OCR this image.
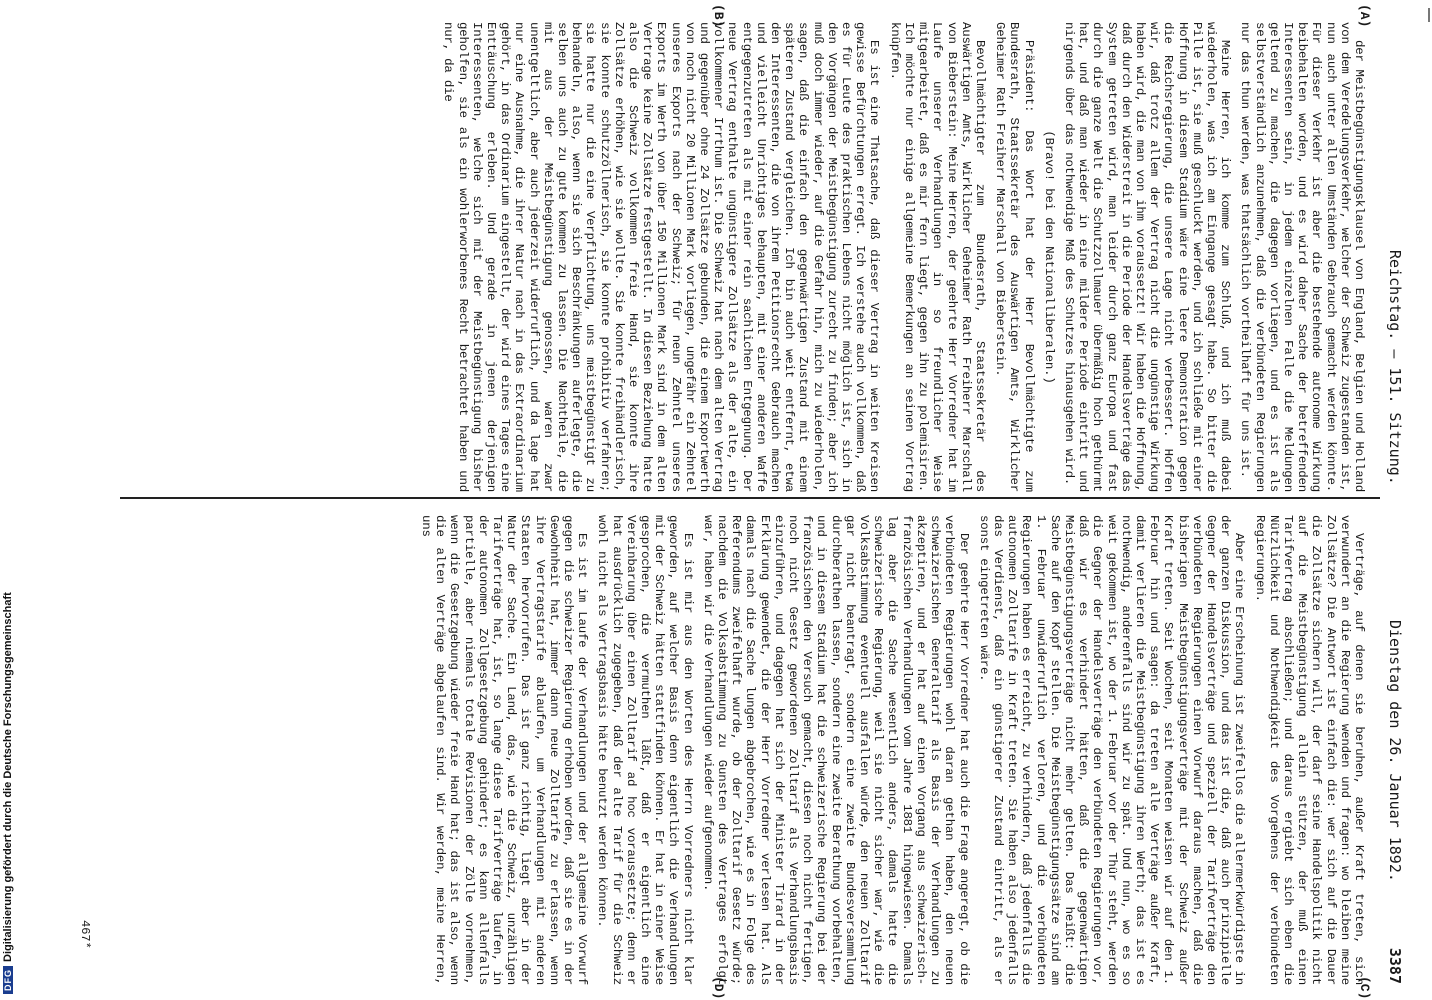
Reichstag. — 151. Sitzung.
Dienstag den 26. Januar 1892.
3387
(A)
(B)
(C)
(D)

der Meistbegünstigungsklausel von England, Belgien und Holland von dem Veredelungsverkehr, welcher der Schweiz zugestanden ist, nun auch unter allen Umständen Gebrauch gemacht werden könnte. Für dieser Verkehr ist aber die bestehende autonome Wirkung beibehalten worden, und es wird daher Sache der betreffenden Interessenten sein, in jedem einzelnen Falle die Meldungen geltend zu machen, die dagegen vorliegen, und es ist als selbstverständlich anzunehmen, daß die verbündeten Regierungen nur das thun werden, was thatsächlich vortheilhaft für uns ist.

Meine Herren, ich komme zum Schluß, und ich muß dabei wiederholen, was ich am Eingange gesagt habe. So bitter die Pille ist, sie muß geschluckt werden, und ich schließe mit einer Hoffnung in diesem Stadium wäre eine leere Demonstration gegen die Reichsregierung, die unsere Lage nicht verbessert. Hoffen wir, daß trotz allem der Vertrag nicht die ungünstige Wirkung haben wird, die man von ihm voraussetzt! Wir haben die Hoffnung, daß durch den Widerstreit in die Periode der Handelsverträge das System getreten wird, man leider durch ganz Europa und fast durch die ganze Welt die Schutzzollmauer übermäßig hoch gethürmt hat, und daß man wieder in eine mildere Periode eintritt und nirgends über das nothwendige Maß des Schutzes hinausgehen wird.

(Bravo! bei den Nationalliberalen.)

Präsident: Das Wort hat der Herr Bevollmächtigte zum Bundesrath, Staatssekretär des Auswärtigen Amts, Wirklicher Geheimer Rath Freiherr Marschall von Bieberstein.

Bevollmächtigter zum Bundesrath, Staatssekretär des Auswärtigen Amts, Wirklicher Geheimer Rath Freiherr Marschall von Bieberstein: Meine Herren, der geehrte Herr Vorredner hat im Laufe unserer Verhandlungen in so freundlicher Weise mitgearbeitet, daß es mir fern liegt, gegen ihn zu polemisiren. Ich möchte nur einige allgemeine Bemerkungen an seinen Vortrag knüpfen.

Es ist eine Thatsache, daß dieser Vertrag in weiten Kreisen gewisse Befürchtungen erregt. Ich verstehe auch vollkommen, daß es für Leute des praktischen Lebens nicht möglich ist, sich in den Vorgängen der Meistbegünstigung zurecht zu finden; aber ich muß doch immer wieder, auf die Gefahr hin, mich zu wiederholen, sagen, daß die einfach den gegenwärtigen Zustand mit einem späteren Zustand vergleichen. Ich bin auch weit entfernt, etwa den Interessenten, die von ihrem Petitionsrecht Gebrauch machen und vielleicht Unrichtiges behaupten, mit einer anderen Waffe entgegenzutreten als mit einer rein sachlichen Entgegnung. Der neue Vertrag enthalte ungünstigere Zollsätze als der alte, ein vollkommener Irrthum ist. Die Schweiz hat nach dem alten Vertrag und gegenüber ohne 24 Zollsätze gebunden, die einem Exportwerth von noch nicht 20 Millionen Mark vorliegen, ungefähr ein Zehntel unseres Exports nach der Schweiz; für neun Zehntel unseres Exports im Werth von über 150 Millionen Mark sind in dem alten Vertrage keine Zollsätze festgestellt. In diesen Beziehung hatte also die Schweiz vollkommen freie Hand, sie konnte ihre Zollsätze erhöhen, wie sie wollte. Sie konnte freihändlerisch, sie konnte schutzzöllnerisch, sie konnte prohibitiv verfahren; sie hatte nur die eine Verpflichtung, uns meistbegünstigt zu behandeln, also, wenn sie sich Beschränkungen auferlegte, die selben uns auch zu gute kommen zu lassen. Die Nachtheile, die mit aus der Meistbegünstigung genossen, waren zwar unentgeltlich, aber auch jederzeit widerruflich, und da lage hat nur eine Ausnahme, die ihrer Natur nach in das Extraordinarium gehört, in das Ordinarium eingestellt, der wird eines Tages eine Enttäuschung erleben. Und gerade in jenen derjenigen Interessenten, welche sich mit der Meistbegünstigung bisher geholfen, sie als ein wohlerworbenes Recht betrachtet haben und nur, da die

Verträge, auf denen sie beruhen, außer Kraft treten, sich verwundert an die Regierung wenden und fragen: wo bleiben meine Zollsätze? Die Antwort ist einfach die: wer sich auf die Dauer die Zollsätze sichern will, der darf seine Handelspolitik nicht auf die Meistbegünstigung allein stützen, der muß einen Tarifvertrag abschließen; und daraus ergiebt sich eben die Nützlichkeit und Nothwendigkeit des Vorgehens der verbündeten Regierungen.

Aber eine Erscheinung ist zweifellos die allermerkwürdigste in der ganzen Diskussion, und das ist die, daß auch prinzipielle Gegner der Handelsverträge und speziell der Tarifverträge den verbündeten Regierungen einen Vorwurf daraus machen, daß die bisherigen Meistbegünstigungsverträge mit der Schweiz außer Kraft treten. Seit Wochen, seit Monaten weisen wir auf den 1. Februar hin und sagen: da treten alle Verträge außer Kraft, damit verlieren die Meistbegünstigung ihren Werth; das ist es nothwendig, anderenfalls sind wir zu spät. Und nun, wo es so weit gekommen ist, wo der 1. Februar vor der Thür steht, werden die Gegner der Handelsverträge den verbündeten Regierungen vor, daß wir es verhindert hätten, daß die gegenwärtigen Meistbegünstigungsverträge nicht mehr gelten. Das heißt: die Sache auf den Kopf stellen. Die Meistbegünstigungssätze sind am 1. Februar unwiderruflich verloren, und die verbündeten Regierungen haben es erreicht, zu verhindern, daß jedenfalls die autonomen Zolltarife in Kraft treten. Sie haben also jedenfalls das Verdienst, daß ein günstigerer Zustand eintritt, als er sonst eingetreten wäre.

Der geehrte Herr Vorredner hat auch die Frage angeregt, ob die verbündeten Regierungen wohl daran gethan haben, den neuen schweizerischen Generaltarif als Basis der Verhandlungen zu akzeptiren, und er hat auf einen Vorgang aus schweizerisch-französischen Verhandlungen vom Jahre 1881 hingewiesen. Damals lag aber die Sache wesentlich anders, damals hatte die schweizerische Regierung, weil sie nicht sicher war, wie die Volksabstimmung eventuell ausfallen würde, den neuen Zolltarif gar nicht beantragt, sondern eine zweite Bundesversammlung durchberathen lassen, sondern eine zweite Berathung vorbehalten, und in diesem Stadium hat die schweizerische Regierung bei der französischen den Versuch gemacht, diesen noch nicht fertigen, noch nicht Gesetz gewordenen Zolltarif als Verhandlungsbasis einzuführen, und dagegen hat sich der Minister Tirard in der Erklärung gewendet, die der Herr Vorredner verlesen hat. Als damals nach die Sache lungen abgebrochen, wie es in Folge des Referendums zweifelhaft wurde, ob der Zolltarif Gesetz würde; nachdem die Volksabstimmung zu Gunsten des Vertrages erfolgt war, haben wir die Verhandlungen wieder aufgenommen.

Es ist mir aus den Worten des Herrn Vorredners nicht klar geworden, auf welcher Basis denn eigentlich die Verhandlungen mit der Schweiz hätten stattfinden können. Er hat in einer Weise gesprochen, die vermuthen läßt, daß er eigentlich eine Vereinbarung über einen Zolltarif ad hoc voraussetzte; denn er hat ausdrücklich zugegeben, daß der alte Tarif für die Schweiz wohl nicht als Vertragsbasis hätte benutzt werden können.

Es ist im Laufe der Verhandlungen und der allgemeine Vorwurf gegen die schweizer Regierung erhoben worden, daß sie es in der Gewohnheit hat, immer dann neue Zolltarife zu erlassen, wenn ihre Vertragstarife ablaufen, um Verhandlungen mit anderen Staaten hervorrufen. Das ist ganz richtig, liegt aber in der Natur der Sache. Ein Land, das, wie die Schweiz, unzähligen Tarifverträge hat, ist, so lange diese Tarifverträge laufen, in der autonomen Zollgesetzgebung gehindert; es kann allenfalls partielle, aber niemals totale Revisionen der Zölle vornehmen, wenn die Gesetzgebung wieder freie Hand hat; das ist also, wenn die alten Verträge abgelaufen sind. Wir werden, meine Herren, uns

467*
DFGDigitalisierung gefördert durch die Deutsche Forschungsgemeinschaft
